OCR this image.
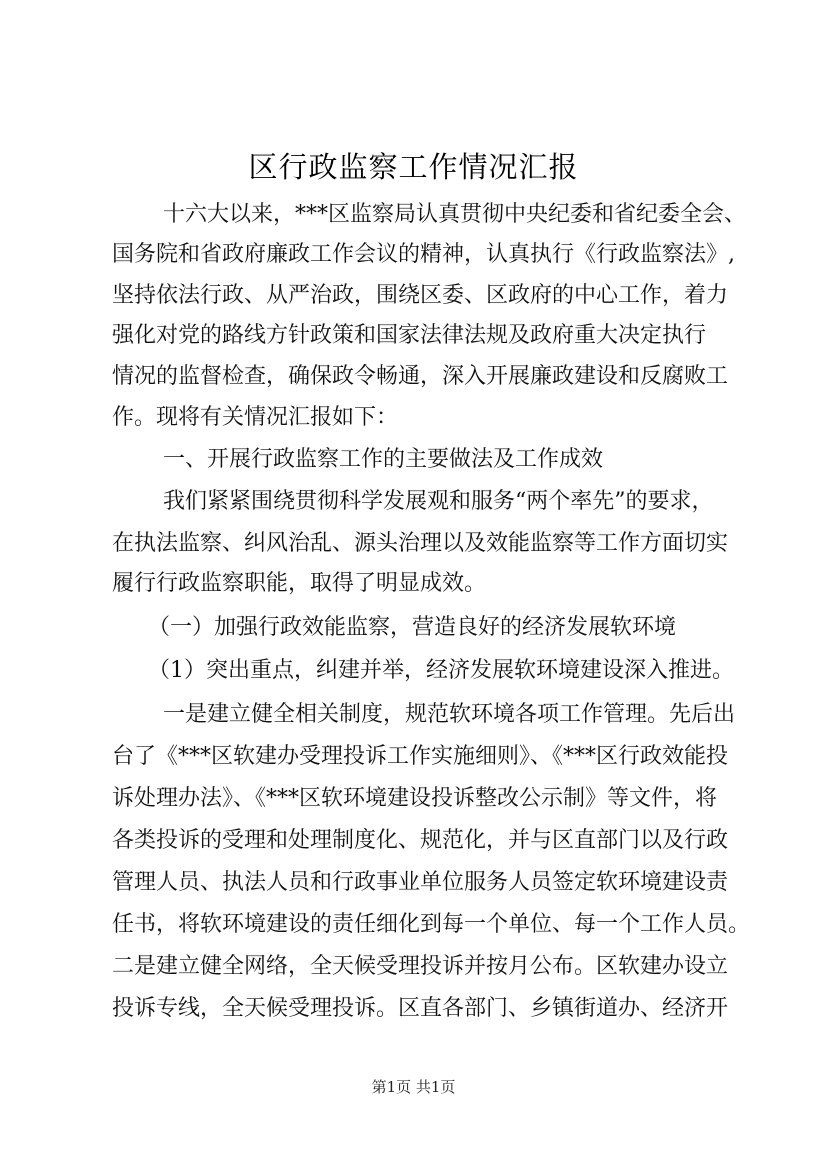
区行政监察工作情况汇报
十六大以来，***区监察局认真贯彻中央纪委和省纪委全会、
国务院和省政府廉政工作会议的精神，认真执行《行政监察法》,
坚持依法行政、从严治政，围绕区委、区政府的中心工作，着力
强化对党的路线方针政策和国家法律法规及政府重大决定执行
情况的监督检查，确保政令畅通，深入开展廉政建设和反腐败工
作。现将有关情况汇报如下：
一、开展行政监察工作的主要做法及工作成效
我们紧紧围绕贯彻科学发展观和服务“两个率先”的要求，
在执法监察、纠风治乱、源头治理以及效能监察等工作方面切实
履行行政监察职能，取得了明显成效。
（一）加强行政效能监察，营造良好的经济发展软环境
（1）突出重点，纠建并举，经济发展软环境建设深入推进。
一是建立健全相关制度，规范软环境各项工作管理。先后出
台了《***区软建办受理投诉工作实施细则》、《***区行政效能投
诉处理办法》、《***区软环境建设投诉整改公示制》等文件，将
各类投诉的受理和处理制度化、规范化，并与区直部门以及行政
管理人员、执法人员和行政事业单位服务人员签定软环境建设责
任书，将软环境建设的责任细化到每一个单位、每一个工作人员。
二是建立健全网络，全天候受理投诉并按月公布。区软建办设立
投诉专线，全天候受理投诉。区直各部门、乡镇街道办、经济开
第1页 共1页
